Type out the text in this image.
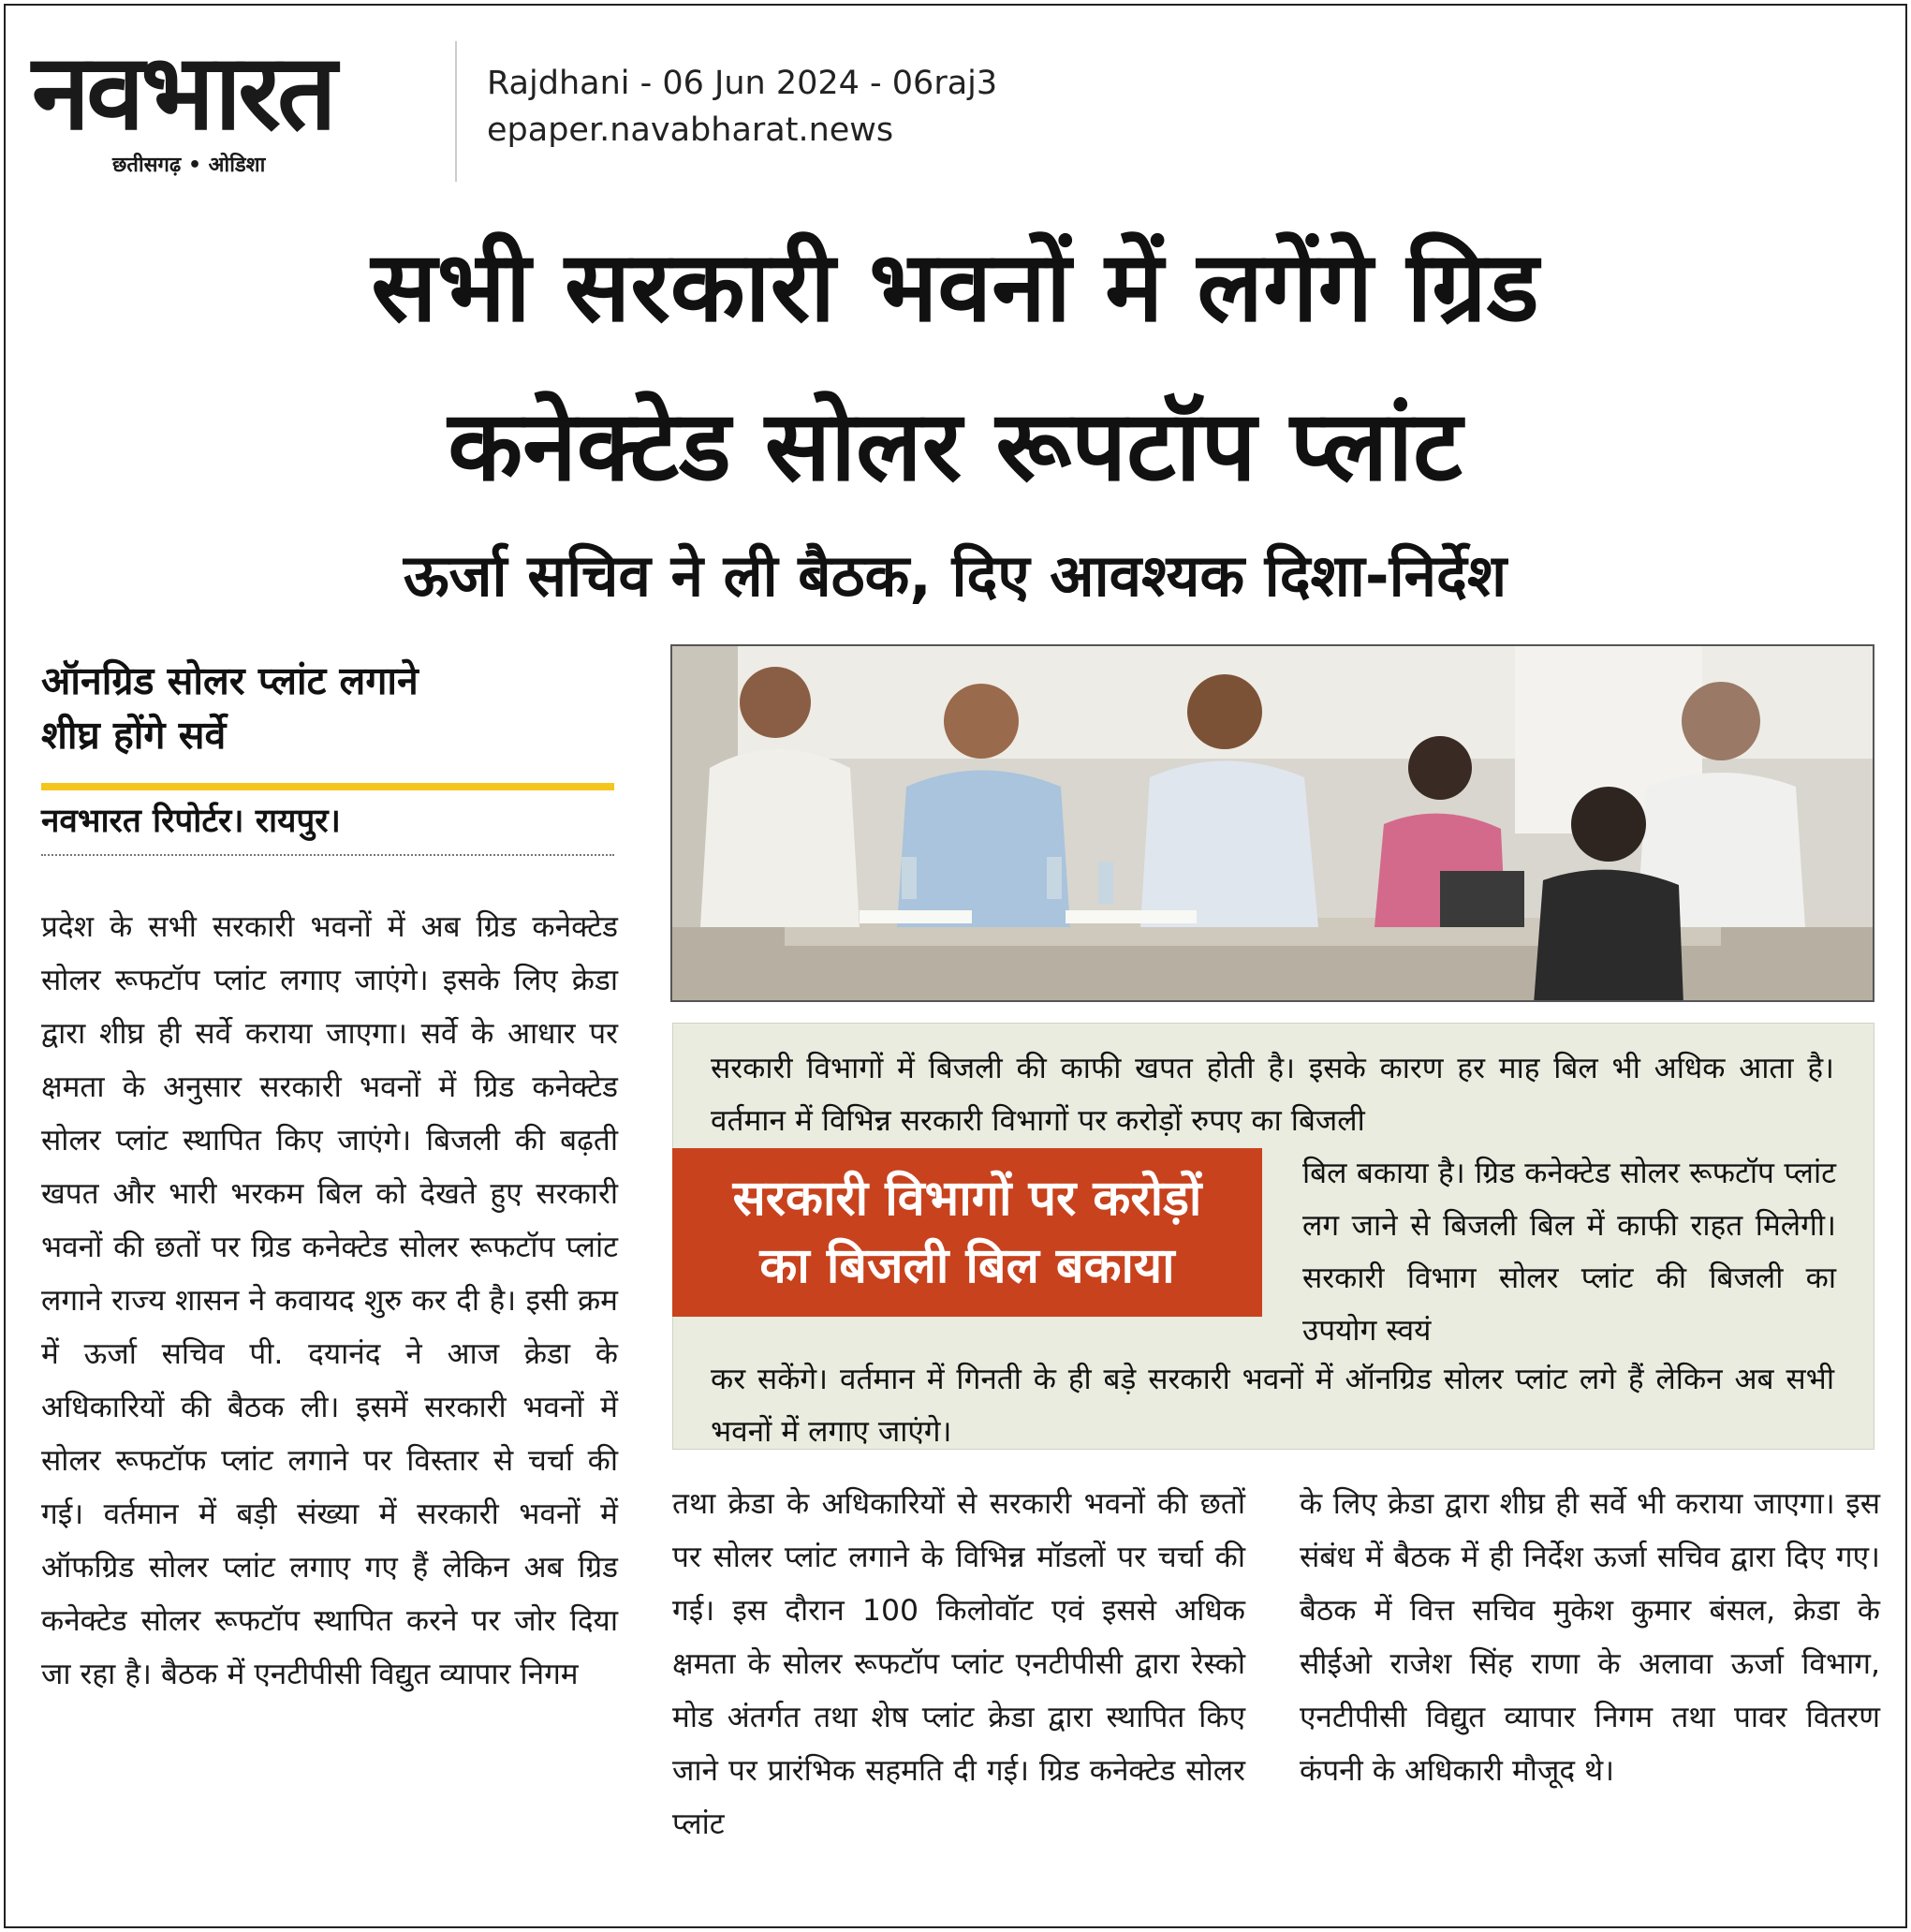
नवभारत
छतीसगढ़ • ओडिशा
Rajdhani - 06 Jun 2024 - 06raj3
epaper.navabharat.news
सभी सरकारी भवनों में लगेंगे ग्रिड
कनेक्टेड सोलर रूपटॉप प्लांट
ऊर्जा सचिव ने ली बैठक, दिए आवश्यक दिशा-निर्देश
ऑनग्रिड सोलर प्लांट लगाने
शीघ्र होंगे सर्वे
नवभारत रिपोर्टर। रायपुर।
प्रदेश के सभी सरकारी भवनों में अब ग्रिड कनेक्टेड सोलर रूफटॉप प्लांट लगाए जाएंगे। इसके लिए क्रेडा द्वारा शीघ्र ही सर्वे कराया जाएगा। सर्वे के आधार पर क्षमता के अनुसार सरकारी भवनों में ग्रिड कनेक्टेड सोलर प्लांट स्थापित किए जाएंगे। बिजली की बढ़ती खपत और भारी भरकम बिल को देखते हुए सरकारी भवनों की छतों पर ग्रिड कनेक्टेड सोलर रूफटॉप प्लांट लगाने राज्य शासन ने कवायद शुरु कर दी है। इसी क्रम में ऊर्जा सचिव पी. दयानंद ने आज क्रेडा के अधिकारियों की बैठक ली। इसमें सरकारी भवनों में सोलर रूफटॉफ प्लांट लगाने पर विस्तार से चर्चा की गई। वर्तमान में बड़ी संख्या में सरकारी भवनों में ऑफग्रिड सोलर प्लांट लगाए गए हैं लेकिन अब ग्रिड कनेक्टेड सोलर रूफटॉप स्थापित करने पर जोर दिया जा रहा है। बैठक में एनटीपीसी विद्युत व्यापार निगम
सरकारी विभागों में बिजली की काफी खपत होती है। इसके कारण हर माह बिल भी अधिक आता है। वर्तमान में विभिन्न सरकारी विभागों पर करोड़ों रुपए का बिजली
बिल बकाया है। ग्रिड कनेक्टेड सोलर रूफटॉप प्लांट लग जाने से बिजली बिल में काफी राहत मिलेगी। सरकारी विभाग सोलर प्लांट की बिजली का उपयोग स्वयं
कर सकेंगे। वर्तमान में गिनती के ही बड़े सरकारी भवनों में ऑनग्रिड सोलर प्लांट लगे हैं लेकिन अब सभी भवनों में लगाए जाएंगे।
सरकारी विभागों पर करोड़ों
का बिजली बिल बकाया
तथा क्रेडा के अधिकारियों से सरकारी भवनों की छतों पर सोलर प्लांट लगाने के विभिन्न मॉडलों पर चर्चा की गई। इस दौरान 100 किलोवॉट एवं इससे अधिक क्षमता के सोलर रूफटॉप प्लांट एनटीपीसी द्वारा रेस्को मोड अंतर्गत तथा शेष प्लांट क्रेडा द्वारा स्थापित किए जाने पर प्रारंभिक सहमति दी गई। ग्रिड कनेक्टेड सोलर प्लांट
के लिए क्रेडा द्वारा शीघ्र ही सर्वे भी कराया जाएगा। इस संबंध में बैठक में ही निर्देश ऊर्जा सचिव द्वारा दिए गए। बैठक में वित्त सचिव मुकेश कुमार बंसल, क्रेडा के सीईओ राजेश सिंह राणा के अलावा ऊर्जा विभाग, एनटीपीसी विद्युत व्यापार निगम तथा पावर वितरण कंपनी के अधिकारी मौजूद थे।
